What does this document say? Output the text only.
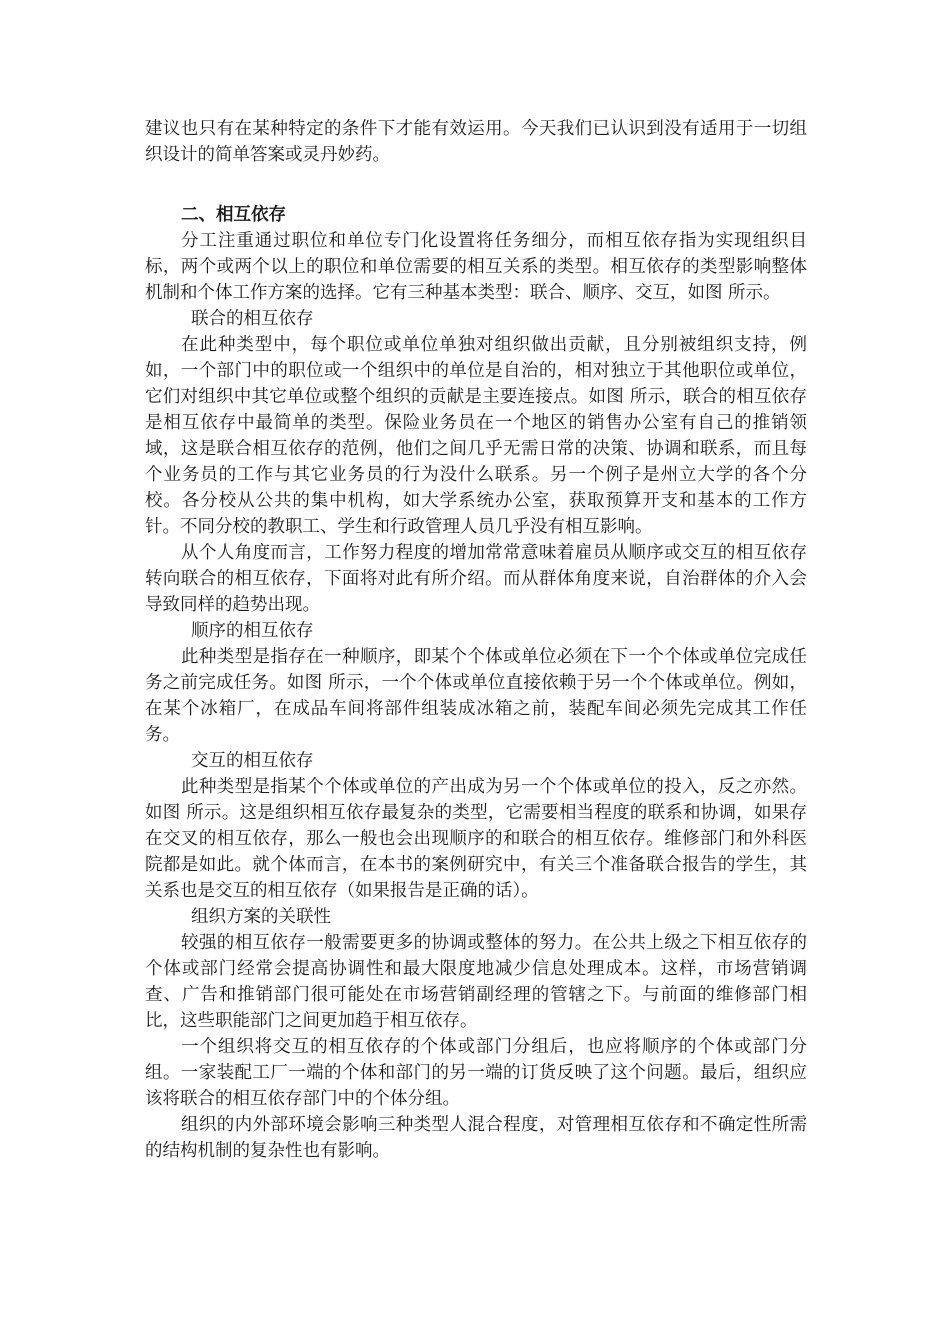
建议也只有在某种特定的条件下才能有效运用。今天我们已认识到没有适用于一切组织设计的简单答案或灵丹妙药。

二、相互依存

分工注重通过职位和单位专门化设置将任务细分，而相互依存指为实现组织目标，两个或两个以上的职位和单位需要的相互关系的类型。相互依存的类型影响整体机制和个体工作方案的选择。它有三种基本类型：联合、顺序、交互，如图 所示。

联合的相互依存

在此种类型中，每个职位或单位单独对组织做出贡献，且分别被组织支持，例如，一个部门中的职位或一个组织中的单位是自治的，相对独立于其他职位或单位，它们对组织中其它单位或整个组织的贡献是主要连接点。如图 所示，联合的相互依存是相互依存中最简单的类型。保险业务员在一个地区的销售办公室有自己的推销领域，这是联合相互依存的范例，他们之间几乎无需日常的决策、协调和联系，而且每个业务员的工作与其它业务员的行为没什么联系。另一个例子是州立大学的各个分校。各分校从公共的集中机构，如大学系统办公室，获取预算开支和基本的工作方针。不同分校的教职工、学生和行政管理人员几乎没有相互影响。

从个人角度而言，工作努力程度的增加常常意味着雇员从顺序或交互的相互依存转向联合的相互依存，下面将对此有所介绍。而从群体角度来说，自治群体的介入会导致同样的趋势出现。

顺序的相互依存

此种类型是指存在一种顺序，即某个个体或单位必须在下一个个体或单位完成任务之前完成任务。如图 所示，一个个体或单位直接依赖于另一个个体或单位。例如，在某个冰箱厂，在成品车间将部件组装成冰箱之前，装配车间必须先完成其工作任务。

交互的相互依存

此种类型是指某个个体或单位的产出成为另一个个体或单位的投入，反之亦然。如图 所示。这是组织相互依存最复杂的类型，它需要相当程度的联系和协调，如果存在交叉的相互依存，那么一般也会出现顺序的和联合的相互依存。维修部门和外科医院都是如此。就个体而言，在本书的案例研究中，有关三个准备联合报告的学生，其关系也是交互的相互依存（如果报告是正确的话）。

组织方案的关联性

较强的相互依存一般需要更多的协调或整体的努力。在公共上级之下相互依存的个体或部门经常会提高协调性和最大限度地减少信息处理成本。这样，市场营销调查、广告和推销部门很可能处在市场营销副经理的管辖之下。与前面的维修部门相比，这些职能部门之间更加趋于相互依存。

一个组织将交互的相互依存的个体或部门分组后，也应将顺序的个体或部门分组。一家装配工厂一端的个体和部门的另一端的订货反映了这个问题。最后，组织应该将联合的相互依存部门中的个体分组。

组织的内外部环境会影响三种类型人混合程度，对管理相互依存和不确定性所需的结构机制的复杂性也有影响。
